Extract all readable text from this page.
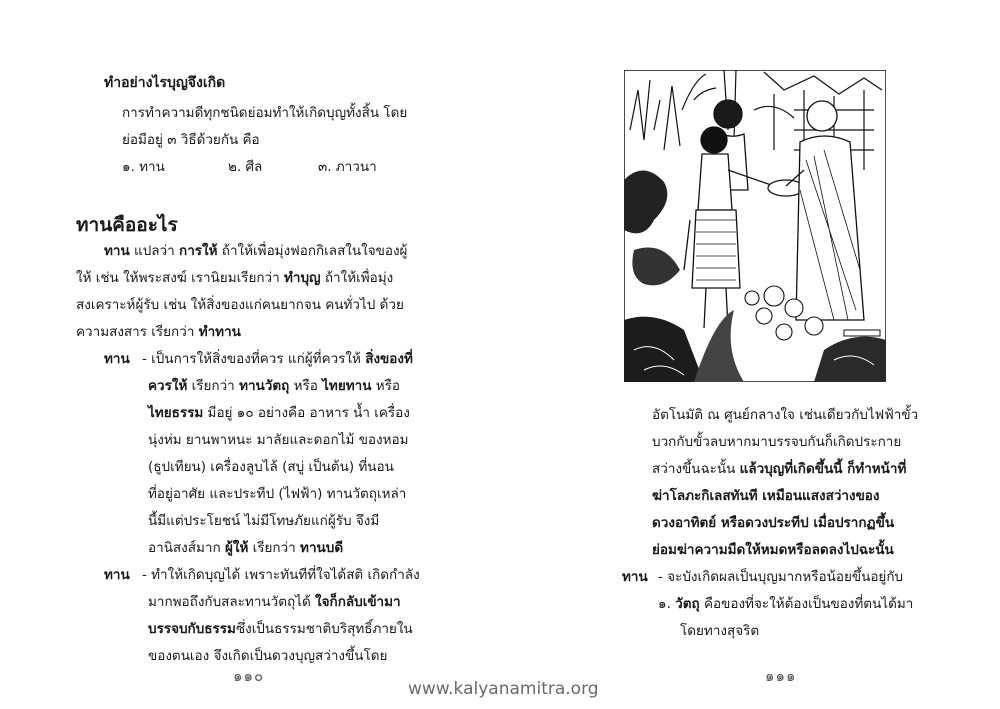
ทำอย่างไรบุญจึงเกิด
การทำความดีทุกชนิดย่อมทำให้เกิดบุญทั้งสิ้น โดย
ย่อมีอยู่ ๓ วิธีด้วยกัน คือ
๑. ทาน	๒. ศีล	๓. ภาวนา
ทานคืออะไร
ทาน แปลว่า การให้ ถ้าให้เพื่อมุ่งฟอกกิเลสในใจของผู้
ให้ เช่น ให้พระสงฆ์ เรานิยมเรียกว่า ทำบุญ ถ้าให้เพื่อมุ่ง
สงเคราะห์ผู้รับ เช่น ให้สิ่งของแก่คนยากจน คนทั่วไป ด้วย
ความสงสาร เรียกว่า ทำทาน
ทาน - เป็นการให้สิ่งของที่ควร แก่ผู้ที่ควรให้ สิ่งของที่
ควรให้ เรียกว่า ทานวัตถุ หรือ ไทยทาน หรือ
ไทยธรรม มีอยู่ ๑๐ อย่างคือ อาหาร น้ำ เครื่อง
นุ่งห่ม ยานพาหนะ มาลัยและดอกไม้ ของหอม
(ธูปเทียน) เครื่องลูบไล้ (สบู่ เป็นต้น) ที่นอน
ที่อยู่อาศัย และประทีป (ไฟฟ้า) ทานวัตถุเหล่า
นี้มีแต่ประโยชน์ ไม่มีโทษภัยแก่ผู้รับ จึงมี
อานิสงส์มาก ผู้ให้ เรียกว่า ทานบดี
ทาน - ทำให้เกิดบุญได้ เพราะทันทีที่ใจได้สติ เกิดกำลัง
มากพอถึงกับสละทานวัตถุได้ ใจก็กลับเข้ามา
บรรจบกับธรรมซึ่งเป็นธรรมชาติบริสุทธิ์ภายใน
ของตนเอง จึงเกิดเป็นดวงบุญสว่างขึ้นโดย
๑๑๐
อัตโนมัติ ณ ศูนย์กลางใจ เช่นเดียวกับไฟฟ้าขั้ว
บวกกับขั้วลบหากมาบรรจบกันก็เกิดประกาย
สว่างขึ้นฉะนั้น แล้วบุญที่เกิดขึ้นนี้ ก็ทำหน้าที่
ฆ่าโลภะกิเลสทันที เหมือนแสงสว่างของ
ดวงอาทิตย์ หรือดวงประทีป เมื่อปรากฏขึ้น
ย่อมฆ่าความมืดให้หมดหรือลดลงไปฉะนั้น
ทาน - จะบังเกิดผลเป็นบุญมากหรือน้อยขึ้นอยู่กับ
๑. วัตถุ คือของที่จะให้ต้องเป็นของที่ตนได้มา
โดยทางสุจริต
๑๑๑
www.kalyanamitra.org
